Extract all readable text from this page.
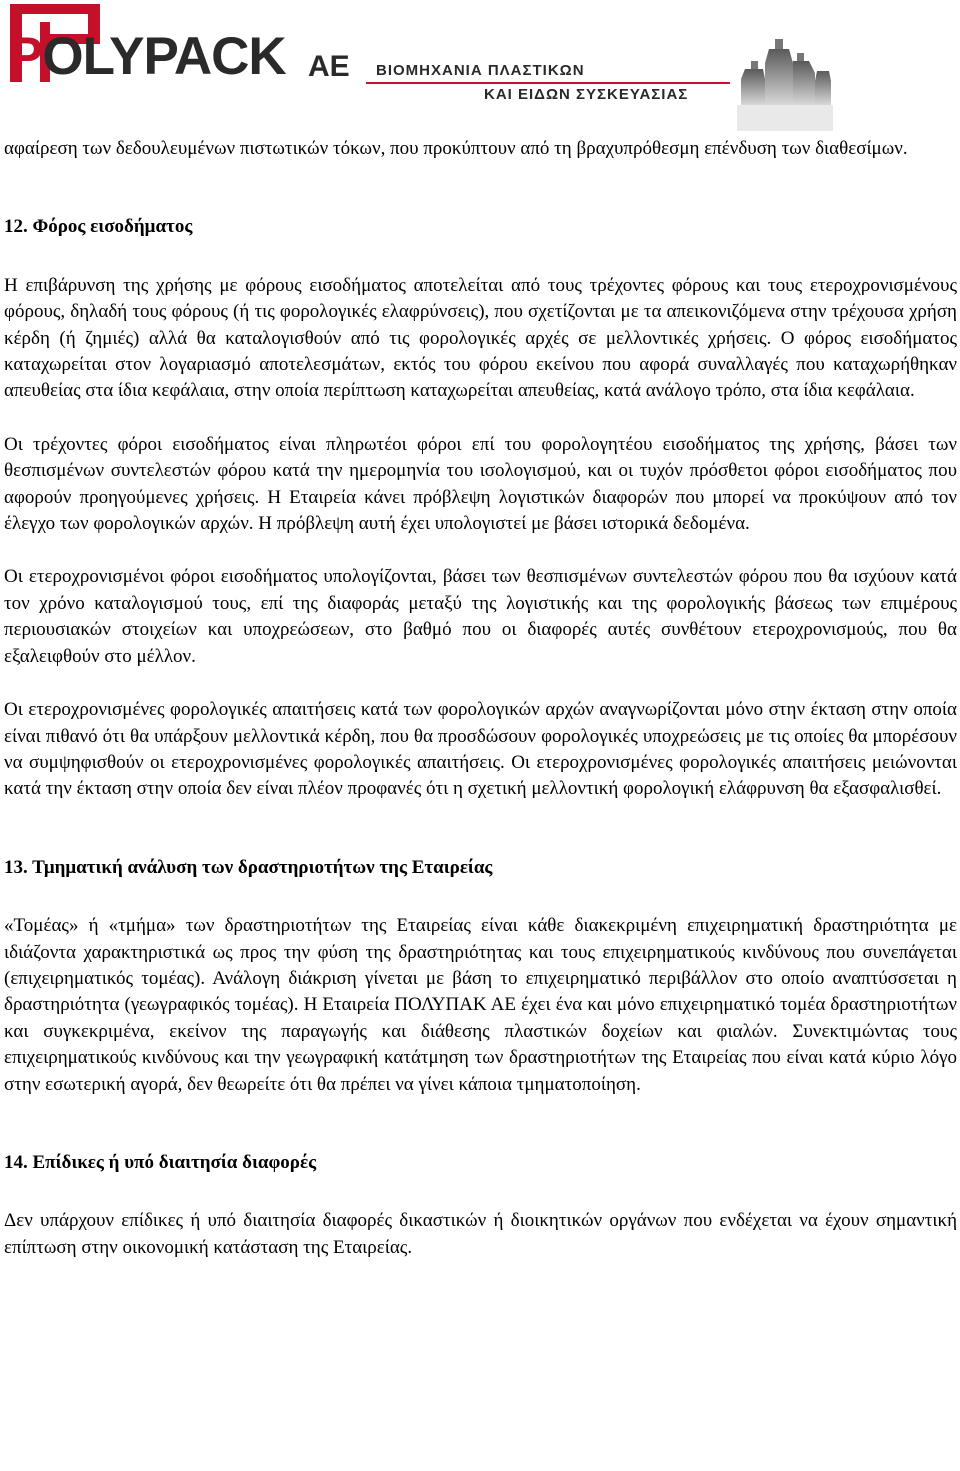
POLYPACK ΑΕ ΒΙΟΜΗΧΑΝΙΑ ΠΛΑΣΤΙΚΩΝ
ΚΑΙ ΕΙΔΩΝ ΣΥΣΚΕΥΑΣΙΑΣ

αφαίρεση των δεδουλευμένων πιστωτικών τόκων, που προκύπτουν από τη βραχυπρόθεσμη επένδυση των διαθεσίμων.

12. Φόρος εισοδήματος

Η επιβάρυνση της χρήσης με φόρους εισοδήματος αποτελείται από τους τρέχοντες φόρους και τους ετεροχρονισμένους φόρους, δηλαδή τους φόρους (ή τις φορολογικές ελαφρύνσεις), που σχετίζονται με τα απεικονιζόμενα στην τρέχουσα χρήση κέρδη (ή ζημιές) αλλά θα καταλογισθούν από τις φορολογικές αρχές σε μελλοντικές χρήσεις. Ο φόρος εισοδήματος καταχωρείται στον λογαριασμό αποτελεσμάτων, εκτός του φόρου εκείνου που αφορά συναλλαγές που καταχωρήθηκαν απευθείας στα ίδια κεφάλαια, στην οποία περίπτωση καταχωρείται απευθείας, κατά ανάλογο τρόπο, στα ίδια κεφάλαια.

Οι τρέχοντες φόροι εισοδήματος είναι πληρωτέοι φόροι επί του φορολογητέου εισοδήματος της χρήσης, βάσει των θεσπισμένων συντελεστών φόρου κατά την ημερομηνία του ισολογισμού, και οι τυχόν πρόσθετοι φόροι εισοδήματος που αφορούν προηγούμενες χρήσεις. Η Εταιρεία κάνει πρόβλεψη λογιστικών διαφορών που μπορεί να προκύψουν από τον έλεγχο των φορολογικών αρχών. Η πρόβλεψη αυτή έχει υπολογιστεί με βάσει ιστορικά δεδομένα.

Οι ετεροχρονισμένοι φόροι εισοδήματος υπολογίζονται, βάσει των θεσπισμένων συντελεστών φόρου που θα ισχύουν κατά τον χρόνο καταλογισμού τους, επί της διαφοράς μεταξύ της λογιστικής και της φορολογικής βάσεως των επιμέρους περιουσιακών στοιχείων και υποχρεώσεων, στο βαθμό που οι διαφορές αυτές συνθέτουν ετεροχρονισμούς, που θα εξαλειφθούν στο μέλλον.

Οι ετεροχρονισμένες φορολογικές απαιτήσεις κατά των φορολογικών αρχών αναγνωρίζονται μόνο στην έκταση στην οποία είναι πιθανό ότι θα υπάρξουν μελλοντικά κέρδη, που θα προσδώσουν φορολογικές υποχρεώσεις με τις οποίες θα μπορέσουν να συμψηφισθούν οι ετεροχρονισμένες φορολογικές απαιτήσεις. Οι ετεροχρονισμένες φορολογικές απαιτήσεις μειώνονται κατά την έκταση στην οποία δεν είναι πλέον προφανές ότι η σχετική μελλοντική φορολογική ελάφρυνση θα εξασφαλισθεί.

13. Τμηματική ανάλυση των δραστηριοτήτων της Εταιρείας

«Τομέας» ή «τμήμα» των δραστηριοτήτων της Εταιρείας είναι κάθε διακεκριμένη επιχειρηματική δραστηριότητα με ιδιάζοντα χαρακτηριστικά ως προς την φύση της δραστηριότητας και τους επιχειρηματικούς κινδύνους που συνεπάγεται (επιχειρηματικός τομέας). Ανάλογη διάκριση γίνεται με βάση το επιχειρηματικό περιβάλλον στο οποίο αναπτύσσεται η δραστηριότητα (γεωγραφικός τομέας). Η Εταιρεία ΠΟΛΥΠΑΚ ΑΕ έχει ένα και μόνο επιχειρηματικό τομέα δραστηριοτήτων και συγκεκριμένα, εκείνον της παραγωγής και διάθεσης πλαστικών δοχείων και φιαλών. Συνεκτιμώντας τους επιχειρηματικούς κινδύνους και την γεωγραφική κατάτμηση των δραστηριοτήτων της Εταιρείας που είναι κατά κύριο λόγο στην εσωτερική αγορά, δεν θεωρείτε ότι θα πρέπει να γίνει κάποια τμηματοποίηση.

14. Επίδικες ή υπό διαιτησία διαφορές

Δεν υπάρχουν επίδικες ή υπό διαιτησία διαφορές δικαστικών ή διοικητικών οργάνων που ενδέχεται να έχουν σημαντική επίπτωση στην οικονομική κατάσταση της Εταιρείας.
